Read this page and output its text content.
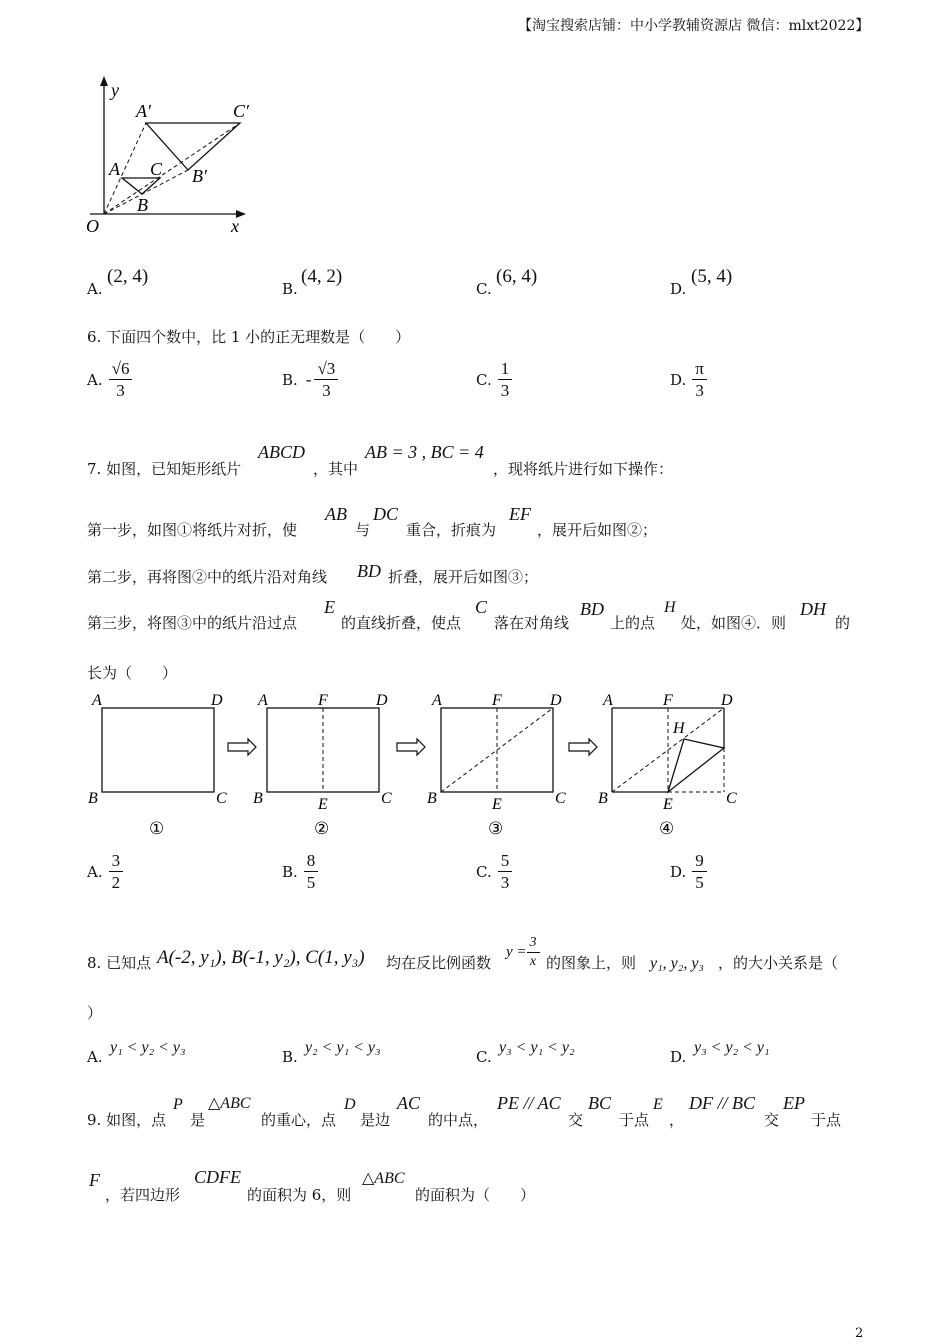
【淘宝搜索店铺：中小学教辅资源店 微信：mlxt2022】
y
x
O
A
B
C
A′	C′
B′
A.
(2, 4)
B.
(4, 2)
C.
(6, 4)
D.
(5, 4)
6. 下面四个数中，比 1 小的正无理数是（　　）
A. $\frac{√6}{3}$	B. - $\frac{√3}{3}$	C. $\frac{1}{3}$	D. $\frac{\pi}{3}$
7. 如图，已知矩形纸片
ABCD
，其中
AB = 3 , BC = 4
，现将纸片进行如下操作：
第一步，如图①将纸片对折，使
AB
与
DC
重合，折痕为
EF
，展开后如图②；
第二步，再将图②中的纸片沿对角线 BD 折叠，展开后如图③；
第三步，将图③中的纸片沿过点
E
的直线折叠，使点
C
落在对角线
BD
上的点
H
处，如图④．则
DH
的
长为（　　）
A	D
B	C
A	F	D
B	E	C
A	F	D
B	E	C
A	F	D
H
B	E	C
①	②	③	④
A. $\frac{3}{2}$	B. $\frac{8}{5}$	C. $\frac{5}{3}$	D. $\frac{9}{5}$
8. 已知点 A(-2, y₁), B(-1, y₂), C(1, y₃) 均在反比例函数
$y = \frac{3}{x}$ 的图象上，则 y₁, y₂, y₃ ，的大小关系是（
）
A.
y₁ < y₂ < y₃
B.
y₂ < y₁ < y₃
C.
y₃ < y₁ < y₂
D.
y₃ < y₂ < y₁
9. 如图，点
P
是
△ABC
的重心，点
D
是边
AC
的中点，
PE // AC
交
BC
于点
E
，
DF // BC
交
EP
于点
F
，若四边形
CDFE
的面积为 6，则
△ABC
的面积为（　　）
2
